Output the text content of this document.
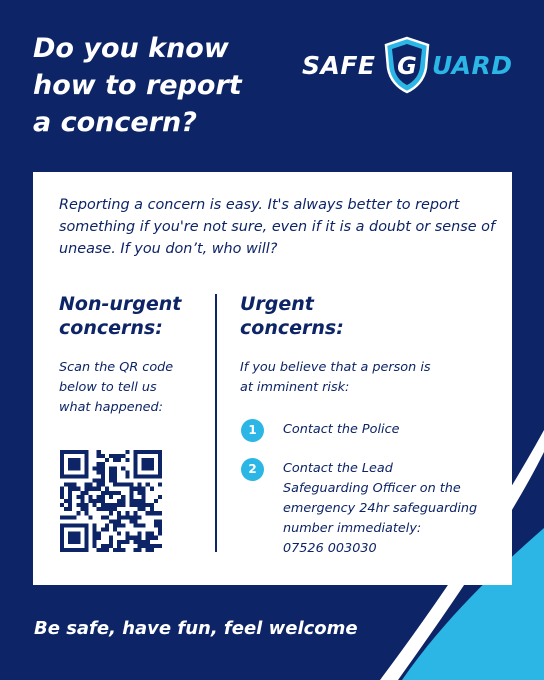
Do you know
how to report
a concern?
SAFE G UARD

Reporting a concern is easy. It's always better to report something if you're not sure, even if it is a doubt or sense of unease. If you don’t, who will?

Non-urgent
concerns:
Scan the QR code
below to tell us
what happened:
Urgent
concerns:
If you believe that a person is
at imminent risk:
1	Contact the Police

2	Contact the Lead
Safeguarding Officer on the
emergency 24hr safeguarding
number immediately:
07526 003030

Be safe, have fun, feel welcome
